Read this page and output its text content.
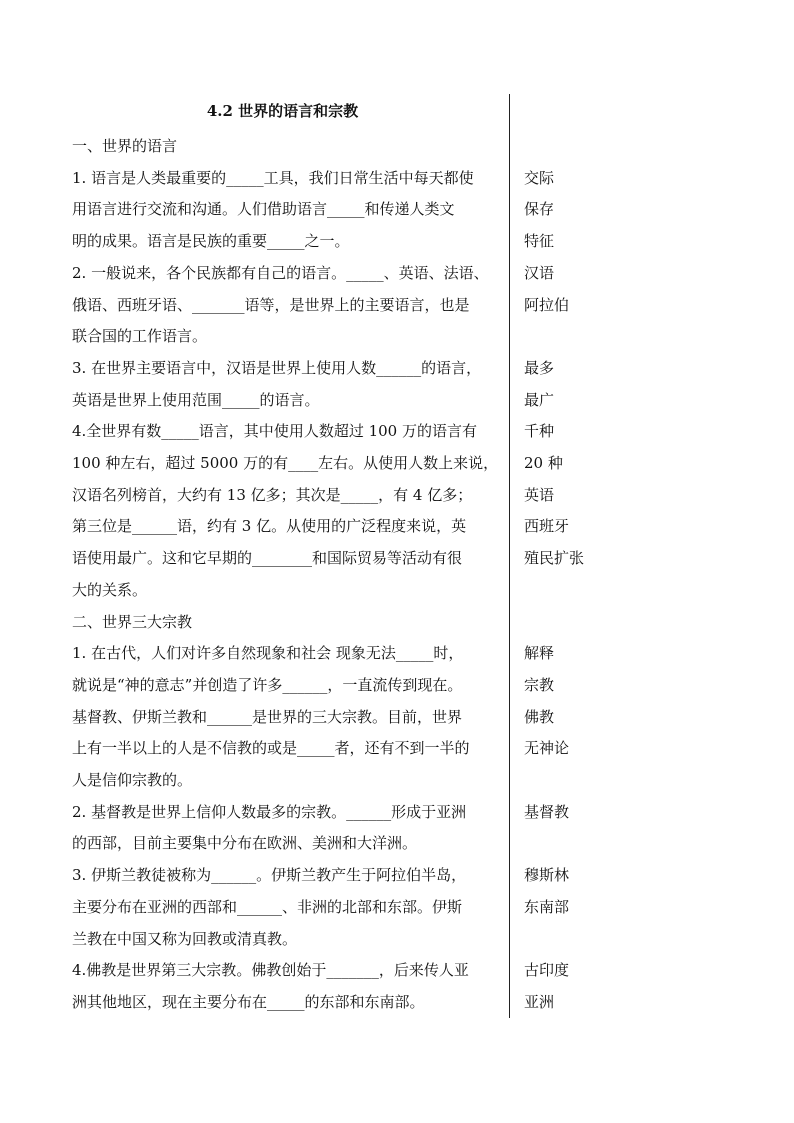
4.2 世界的语言和宗教
一、世界的语言
1. 语言是人类最重要的_____工具，我们日常生活中每天都使
用语言进行交流和沟通。人们借助语言_____和传递人类文
明的成果。语言是民族的重要_____之一。
2. 一般说来，各个民族都有自己的语言。_____、英语、法语、
俄语、西班牙语、_______语等，是世界上的主要语言，也是
联合国的工作语言。
3. 在世界主要语言中，汉语是世界上使用人数______的语言，
英语是世界上使用范围_____的语言。
4.全世界有数_____语言，其中使用人数超过 100 万的语言有
100 种左右，超过 5000 万的有____左右。从使用人数上来说，
汉语名列榜首，大约有 13 亿多；其次是_____，有 4 亿多；
第三位是______语，约有 3 亿。从使用的广泛程度来说，英
语使用最广。这和它早期的________和国际贸易等活动有很
大的关系。
二、世界三大宗教
1. 在古代，人们对许多自然现象和社会 现象无法_____时，
就说是“神的意志”并创造了许多______，一直流传到现在。
基督教、伊斯兰教和______是世界的三大宗教。目前，世界
上有一半以上的人是不信教的或是_____者，还有不到一半的
人是信仰宗教的。
2. 基督教是世界上信仰人数最多的宗教。______形成于亚洲
的西部，目前主要集中分布在欧洲、美洲和大洋洲。
3. 伊斯兰教徒被称为______。伊斯兰教产生于阿拉伯半岛，
主要分布在亚洲的西部和______、非洲的北部和东部。伊斯
兰教在中国又称为回教或清真教。
4.佛教是世界第三大宗教。佛教创始于_______，后来传人亚
洲其他地区，现在主要分布在_____的东部和东南部。
交际
保存
特征
汉语
阿拉伯
最多
最广
千种
20 种
英语
西班牙
殖民扩张
解释
宗教
佛教
无神论
基督教
穆斯林
东南部
古印度
亚洲
